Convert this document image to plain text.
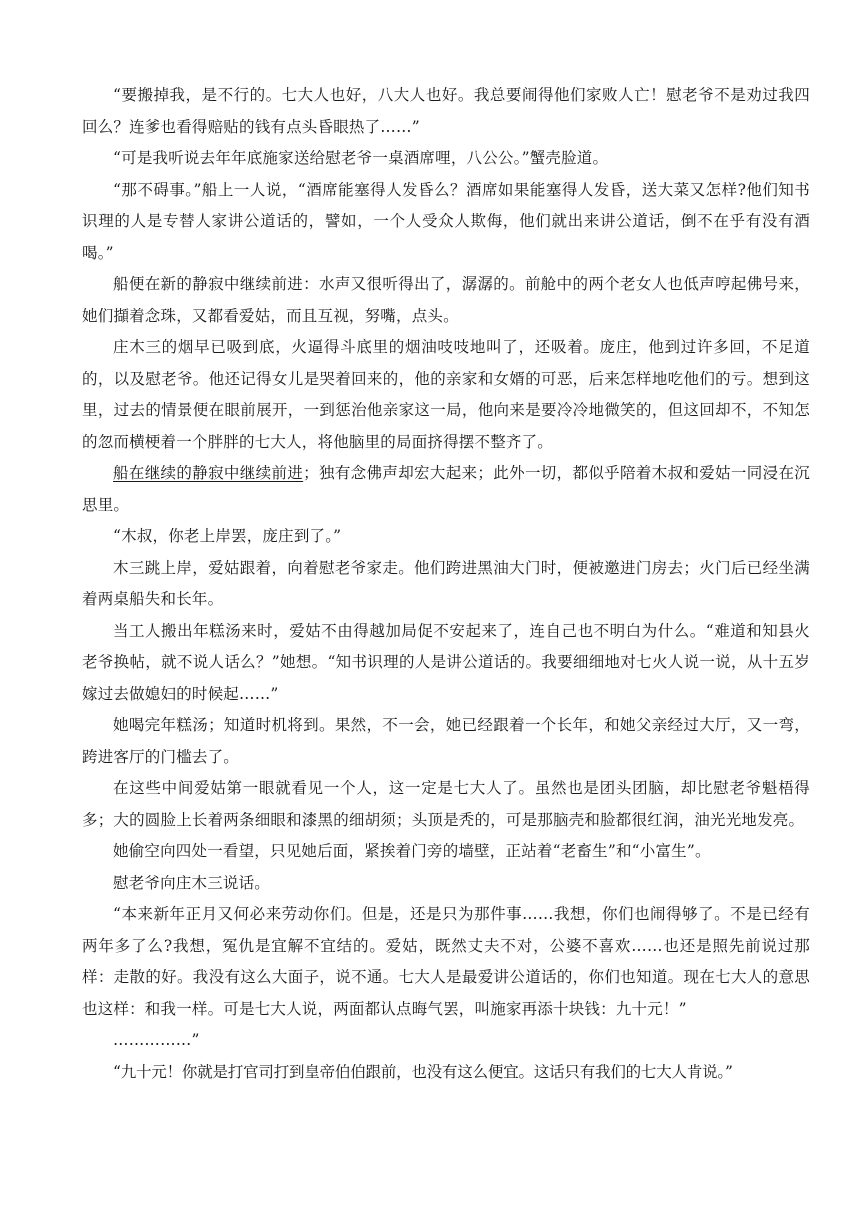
“要搬掉我，是不行的。七大人也好，八大人也好。我总要闹得他们家败人亡！慰老爷不是劝过我四回么？连爹也看得赔贴的钱有点头昏眼热了……”

“可是我听说去年年底施家送给慰老爷一桌酒席哩，八公公。”蟹壳脸道。

“那不碍事。”船上一人说，“酒席能塞得人发昏么？酒席如果能塞得人发昏，送大菜又怎样?他们知书识理的人是专替人家讲公道话的，譬如，一个人受众人欺侮，他们就出来讲公道话，倒不在乎有没有酒喝。”

船便在新的静寂中继续前进：水声又很听得出了，潺潺的。前舱中的两个老女人也低声哼起佛号来，她们擷着念珠，又都看爱姑，而且互视，努嘴，点头。

庄木三的烟早已吸到底，火逼得斗底里的烟油吱吱地叫了，还吸着。庞庄，他到过许多回，不足道的，以及慰老爷。他还记得女儿是哭着回来的，他的亲家和女婿的可恶，后来怎样地吃他们的亏。想到这里，过去的情景便在眼前展开，一到惩治他亲家这一局，他向来是要冷冷地微笑的，但这回却不，不知怎的忽而横梗着一个胖胖的七大人，将他脑里的局面挤得摆不整齐了。

船在继续的静寂中继续前进；独有念佛声却宏大起来；此外一切，都似乎陪着木叔和爱姑一同浸在沉思里。

“木叔，你老上岸罢，庞庄到了。”

木三跳上岸，爱姑跟着，向着慰老爷家走。他们跨进黑油大门时，便被邀进门房去；火门后已经坐满着两桌船失和长年。

当工人搬出年糕汤来时，爱姑不由得越加局促不安起来了，连自己也不明白为什么。“难道和知县火老爷换帖，就不说人话么？”她想。“知书识理的人是讲公道话的。我要细细地对七火人说一说，从十五岁嫁过去做媳妇的时候起……”

她喝完年糕汤；知道时机将到。果然，不一会，她已经跟着一个长年，和她父亲经过大厅，又一弯，跨进客厅的门槛去了。

在这些中间爱姑第一眼就看见一个人，这一定是七大人了。虽然也是团头团脑，却比慰老爷魁梧得多；大的圆脸上长着两条细眼和漆黑的细胡须；头顶是秃的，可是那脑壳和脸都很红润，油光光地发亮。

她偷空向四处一看望，只见她后面，紧挨着门旁的墙壁，正站着“老畜生”和“小富生”。

慰老爷向庄木三说话。

“本来新年正月又何必来劳动你们。但是，还是只为那件事……我想，你们也闹得够了。不是已经有两年多了么?我想，冤仇是宜解不宜结的。爱姑，既然丈夫不对，公婆不喜欢……也还是照先前说过那样：走散的好。我没有这么大面子，说不通。七大人是最爱讲公道话的，你们也知道。现在七大人的意思也这样：和我一样。可是七大人说，两面都认点晦气罢，叫施家再添十块钱：九十元！”

……………”

“九十元！你就是打官司打到皇帝伯伯跟前，也没有这么便宜。这话只有我们的七大人肯说。”
